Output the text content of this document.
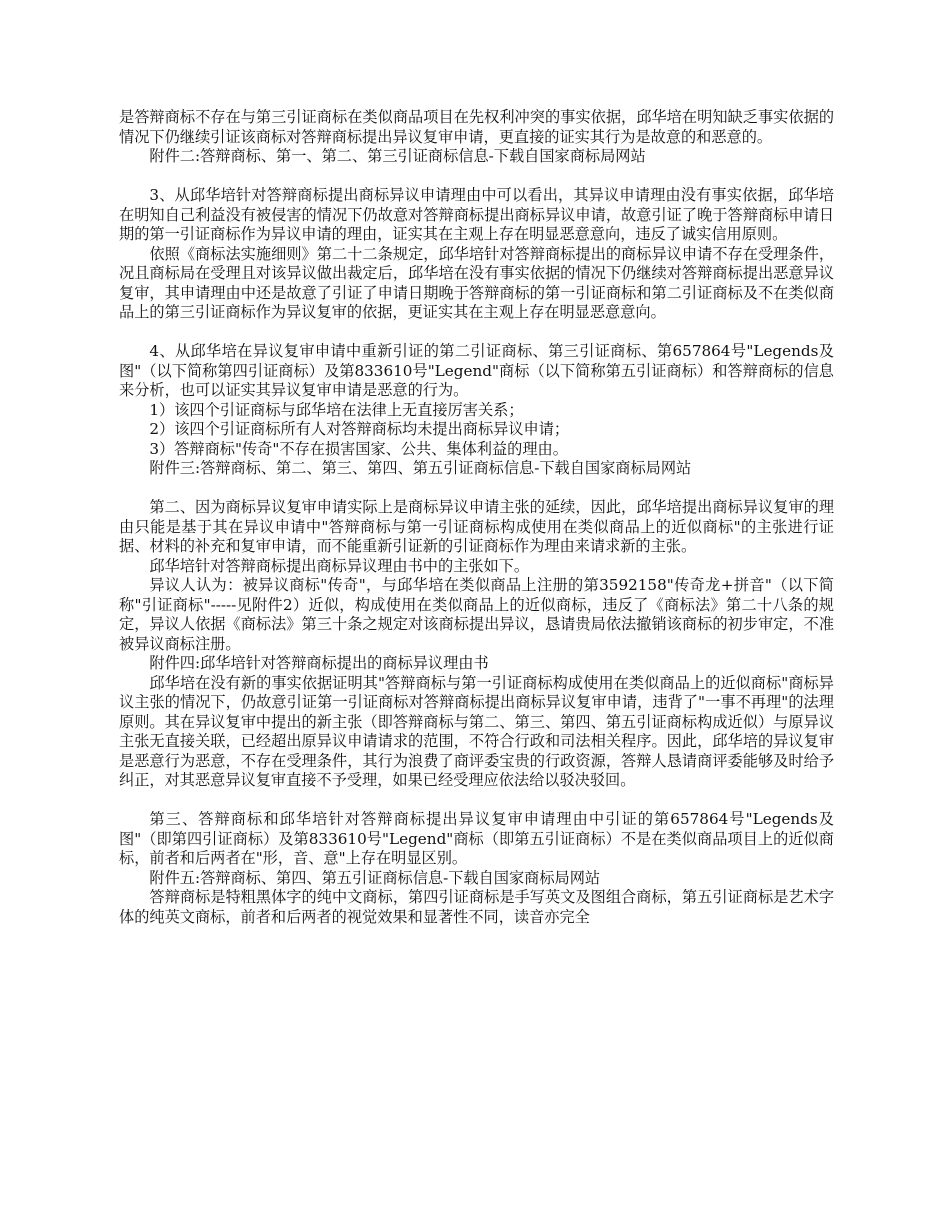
是答辩商标不存在与第三引证商标在类似商品项目在先权利冲突的事实依据，邱华培在明知缺乏事实依据的情况下仍继续引证该商标对答辩商标提出异议复审申请，更直接的证实其行为是故意的和恶意的。

附件二:答辩商标、第一、第二、第三引证商标信息-下载自国家商标局网站

3、从邱华培针对答辩商标提出商标异议申请理由中可以看出，其异议申请理由没有事实依据，邱华培在明知自己利益没有被侵害的情况下仍故意对答辩商标提出商标异议申请，故意引证了晚于答辩商标申请日期的第一引证商标作为异议申请的理由，证实其在主观上存在明显恶意意向，违反了诚实信用原则。

依照《商标法实施细则》第二十二条规定，邱华培针对答辩商标提出的商标异议申请不存在受理条件，况且商标局在受理且对该异议做出裁定后，邱华培在没有事实依据的情况下仍继续对答辩商标提出恶意异议复审，其申请理由中还是故意了引证了申请日期晚于答辩商标的第一引证商标和第二引证商标及不在类似商品上的第三引证商标作为异议复审的依据，更证实其在主观上存在明显恶意意向。

4、从邱华培在异议复审申请中重新引证的第二引证商标、第三引证商标、第657864号"Legends及图"（以下简称第四引证商标）及第833610号"Legend"商标（以下简称第五引证商标）和答辩商标的信息来分析，也可以证实其异议复审申请是恶意的行为。

1）该四个引证商标与邱华培在法律上无直接厉害关系；

2）该四个引证商标所有人对答辩商标均未提出商标异议申请；

3）答辩商标"传奇"不存在损害国家、公共、集体利益的理由。

附件三:答辩商标、第二、第三、第四、第五引证商标信息-下载自国家商标局网站

第二、因为商标异议复审申请实际上是商标异议申请主张的延续，因此，邱华培提出商标异议复审的理由只能是基于其在异议申请中"答辩商标与第一引证商标构成使用在类似商品上的近似商标"的主张进行证据、材料的补充和复审申请，而不能重新引证新的引证商标作为理由来请求新的主张。

邱华培针对答辩商标提出商标异议理由书中的主张如下。

异议人认为：被异议商标"传奇"，与邱华培在类似商品上注册的第3592158"传奇龙+拼音"（以下简称"引证商标"-----见附件2）近似，构成使用在类似商品上的近似商标，违反了《商标法》第二十八条的规定，异议人依据《商标法》第三十条之规定对该商标提出异议，恳请贵局依法撤销该商标的初步审定，不准被异议商标注册。

附件四:邱华培针对答辩商标提出的商标异议理由书

邱华培在没有新的事实依据证明其"答辩商标与第一引证商标构成使用在类似商品上的近似商标"商标异议主张的情况下，仍故意引证第一引证商标对答辩商标提出商标异议复审申请，违背了"一事不再理"的法理原则。其在异议复审中提出的新主张（即答辩商标与第二、第三、第四、第五引证商标构成近似）与原异议主张无直接关联，已经超出原异议申请请求的范围，不符合行政和司法相关程序。因此，邱华培的异议复审是恶意行为恶意，不存在受理条件，其行为浪费了商评委宝贵的行政资源，答辩人恳请商评委能够及时给予纠正，对其恶意异议复审直接不予受理，如果已经受理应依法给以驳决驳回。

第三、答辩商标和邱华培针对答辩商标提出异议复审申请理由中引证的第657864号"Legends及图"（即第四引证商标）及第833610号"Legend"商标（即第五引证商标）不是在类似商品项目上的近似商标，前者和后两者在"形，音、意"上存在明显区别。

附件五:答辩商标、第四、第五引证商标信息-下载自国家商标局网站

答辩商标是特粗黑体字的纯中文商标，第四引证商标是手写英文及图组合商标，第五引证商标是艺术字体的纯英文商标，前者和后两者的视觉效果和显著性不同，读音亦完全
